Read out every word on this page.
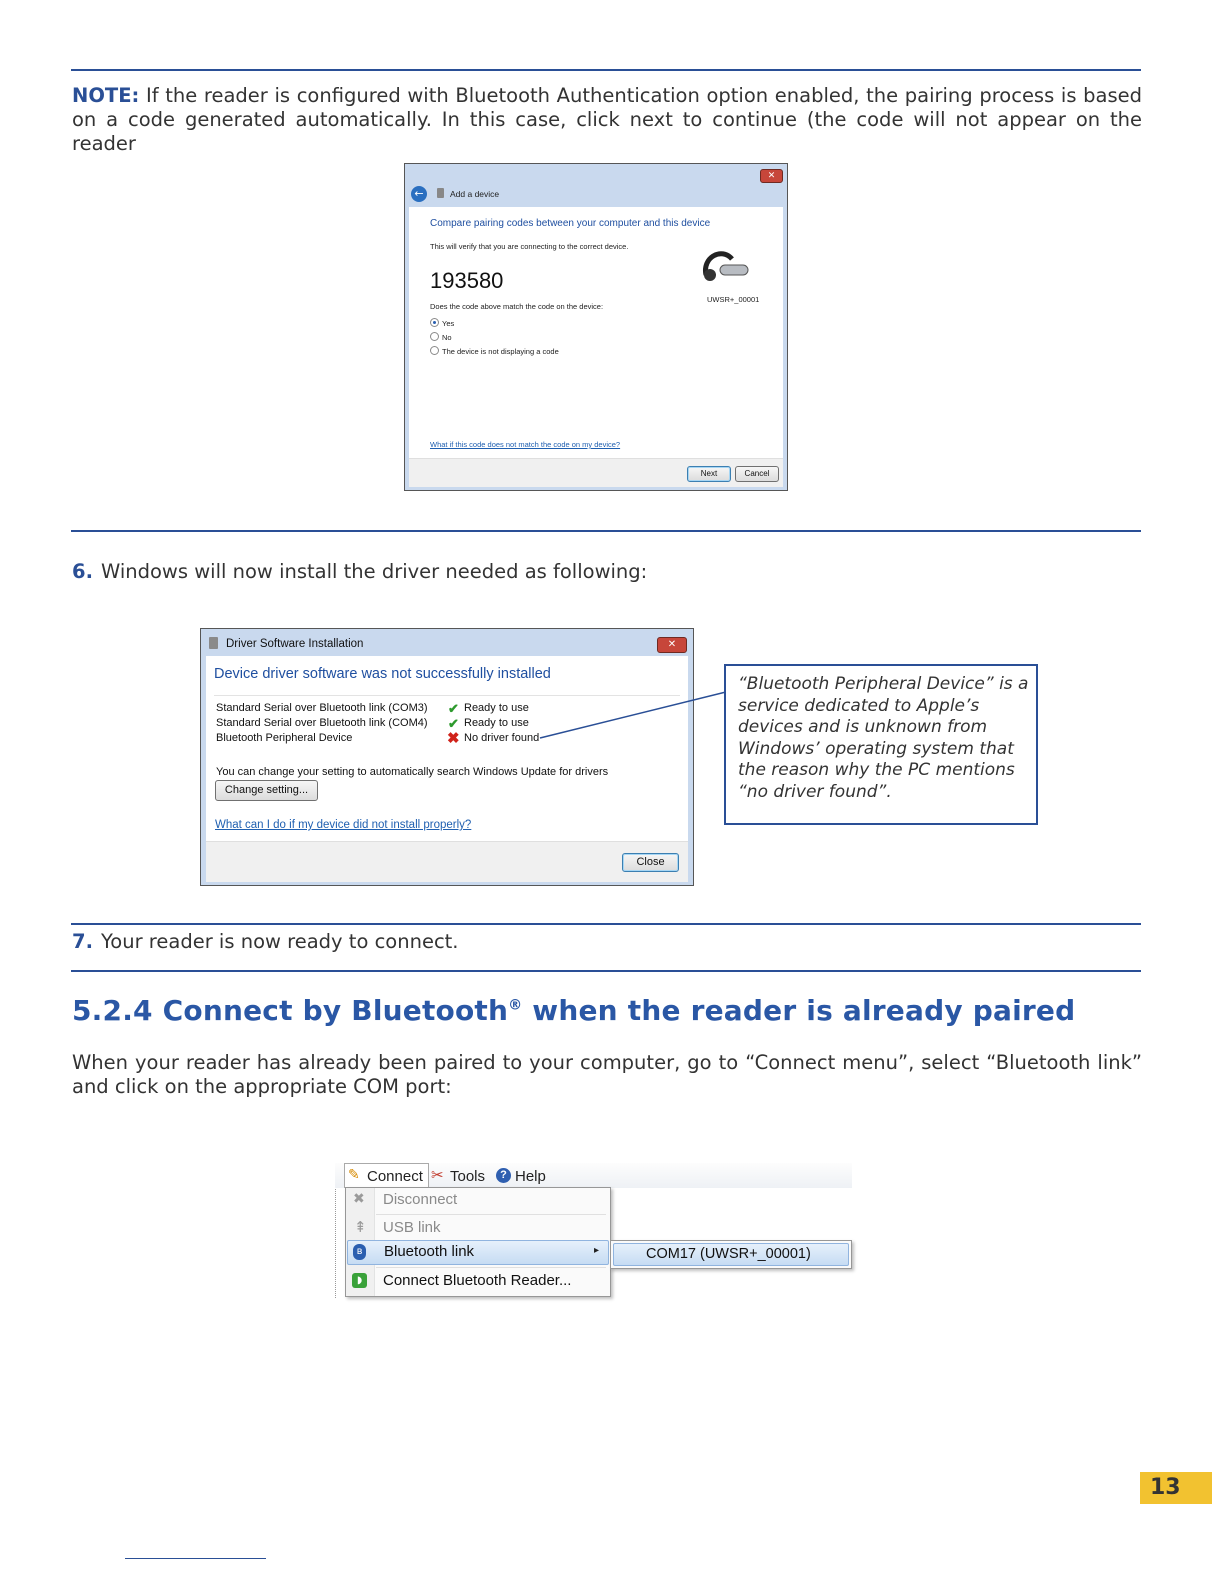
NOTE: If the reader is configured with Bluetooth Authentication option enabled, the pairing process is based on a code generated automatically. In this case, click next to continue (the code will not appear on the reader
✕
←	Add a device
Compare pairing codes between your computer and this device
This will verify that you are connecting to the correct device.
193580
Does the code above match the code on the device:
Yes
No
The device is not displaying a code
UWSR+_00001
What if this code does not match the code on my device?
Next	Cancel
6. Windows will now install the driver needed as following:
Driver Software Installation	✕
Device driver software was not successfully installed
Standard Serial over Bluetooth link (COM3) ✔ Ready to use
Standard Serial over Bluetooth link (COM4) ✔ Ready to use
Bluetooth Peripheral Device	✖ No driver found
You can change your setting to automatically search Windows Update for drivers
Change setting...
What can I do if my device did not install properly?
Close

“Bluetooth Peripheral Device” is a service dedicated to Apple’s devices and is unknown from Windows’ operating system that the reason why the PC mentions “no driver found”.

7. Your reader is now ready to connect.
5.2.4 Connect by Bluetooth® when the reader is already paired
When your reader has already been paired to your computer, go to “Connect menu”, select “Bluetooth link” and click on the appropriate COM port:
✎ Connect ✂ Tools	? Help
✖ Disconnect
⇞ USB link
ʙ Bluetooth link	▸
◗	Connect Bluetooth Reader...
COM17 (UWSR+_00001)
13
